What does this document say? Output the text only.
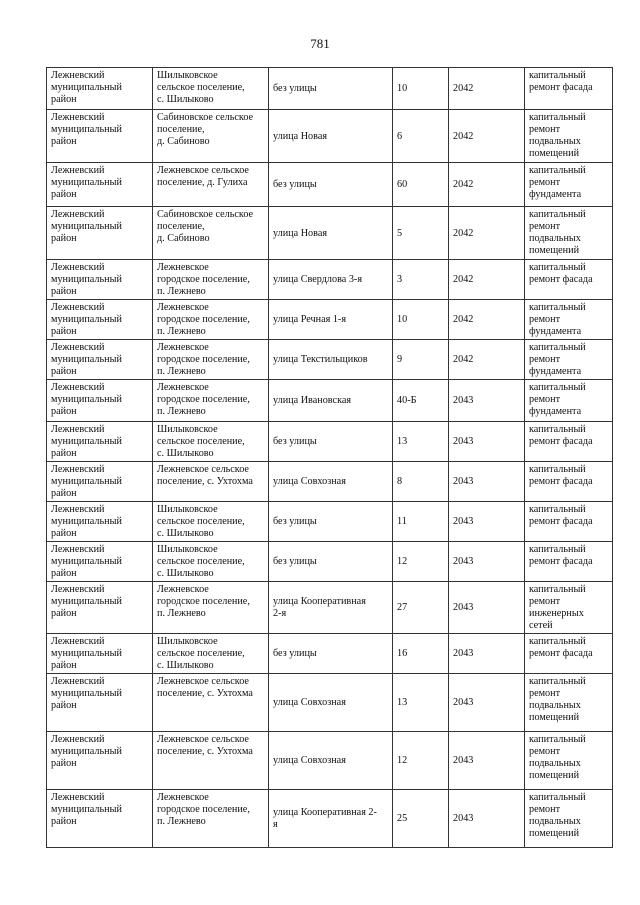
781
Лежневский
муниципальный
район	Шилыковское
сельское поселение,
с. Шилыково	без улицы	10	2042	капитальный
ремонт фасада
Лежневский
муниципальный
район	Сабиновское сельское
поселение,
д. Сабиново	улица Новая	6	2042	капитальный
ремонт
подвальных
помещений
Лежневский
муниципальный
район	Лежневское сельское
поселение, д. Гулиха	без улицы	60	2042	капитальный
ремонт
фундамента
Лежневский
муниципальный
район	Сабиновское сельское
поселение,
д. Сабиново	улица Новая	5	2042	капитальный
ремонт
подвальных
помещений
Лежневский
муниципальный
район	Лежневское
городское поселение,
п. Лежнево	улица Свердлова 3-я	3	2042	капитальный
ремонт фасада
Лежневский
муниципальный
район	Лежневское
городское поселение,
п. Лежнево	улица Речная 1-я	10	2042	капитальный
ремонт
фундамента
Лежневский
муниципальный
район	Лежневское
городское поселение,
п. Лежнево	улица Текстильщиков	9	2042	капитальный
ремонт
фундамента
Лежневский
муниципальный
район	Лежневское
городское поселение,
п. Лежнево	улица Ивановская	40-Б	2043	капитальный
ремонт
фундамента
Лежневский
муниципальный
район	Шилыковское
сельское поселение,
с. Шилыково	без улицы	13	2043	капитальный
ремонт фасада
Лежневский
муниципальный
район	Лежневское сельское
поселение, с. Ухтохма	улица Совхозная	8	2043	капитальный
ремонт фасада
Лежневский
муниципальный
район	Шилыковское
сельское поселение,
с. Шилыково	без улицы	11	2043	капитальный
ремонт фасада
Лежневский
муниципальный
район	Шилыковское
сельское поселение,
с. Шилыково	без улицы	12	2043	капитальный
ремонт фасада
Лежневский
муниципальный
район	Лежневское
городское поселение,
п. Лежнево	улица Кооперативная
2-я	27	2043	капитальный
ремонт
инженерных
сетей
Лежневский
муниципальный
район	Шилыковское
сельское поселение,
с. Шилыково	без улицы	16	2043	капитальный
ремонт фасада
Лежневский
муниципальный
район	Лежневское сельское
поселение, с. Ухтохма	улица Совхозная	13	2043	капитальный
ремонт
подвальных
помещений
Лежневский
муниципальный
район	Лежневское сельское
поселение, с. Ухтохма	улица Совхозная	12	2043	капитальный
ремонт
подвальных
помещений
Лежневский
муниципальный
район	Лежневское
городское поселение,
п. Лежнево	улица Кооперативная 2-
я	25	2043	капитальный
ремонт
подвальных
помещений
